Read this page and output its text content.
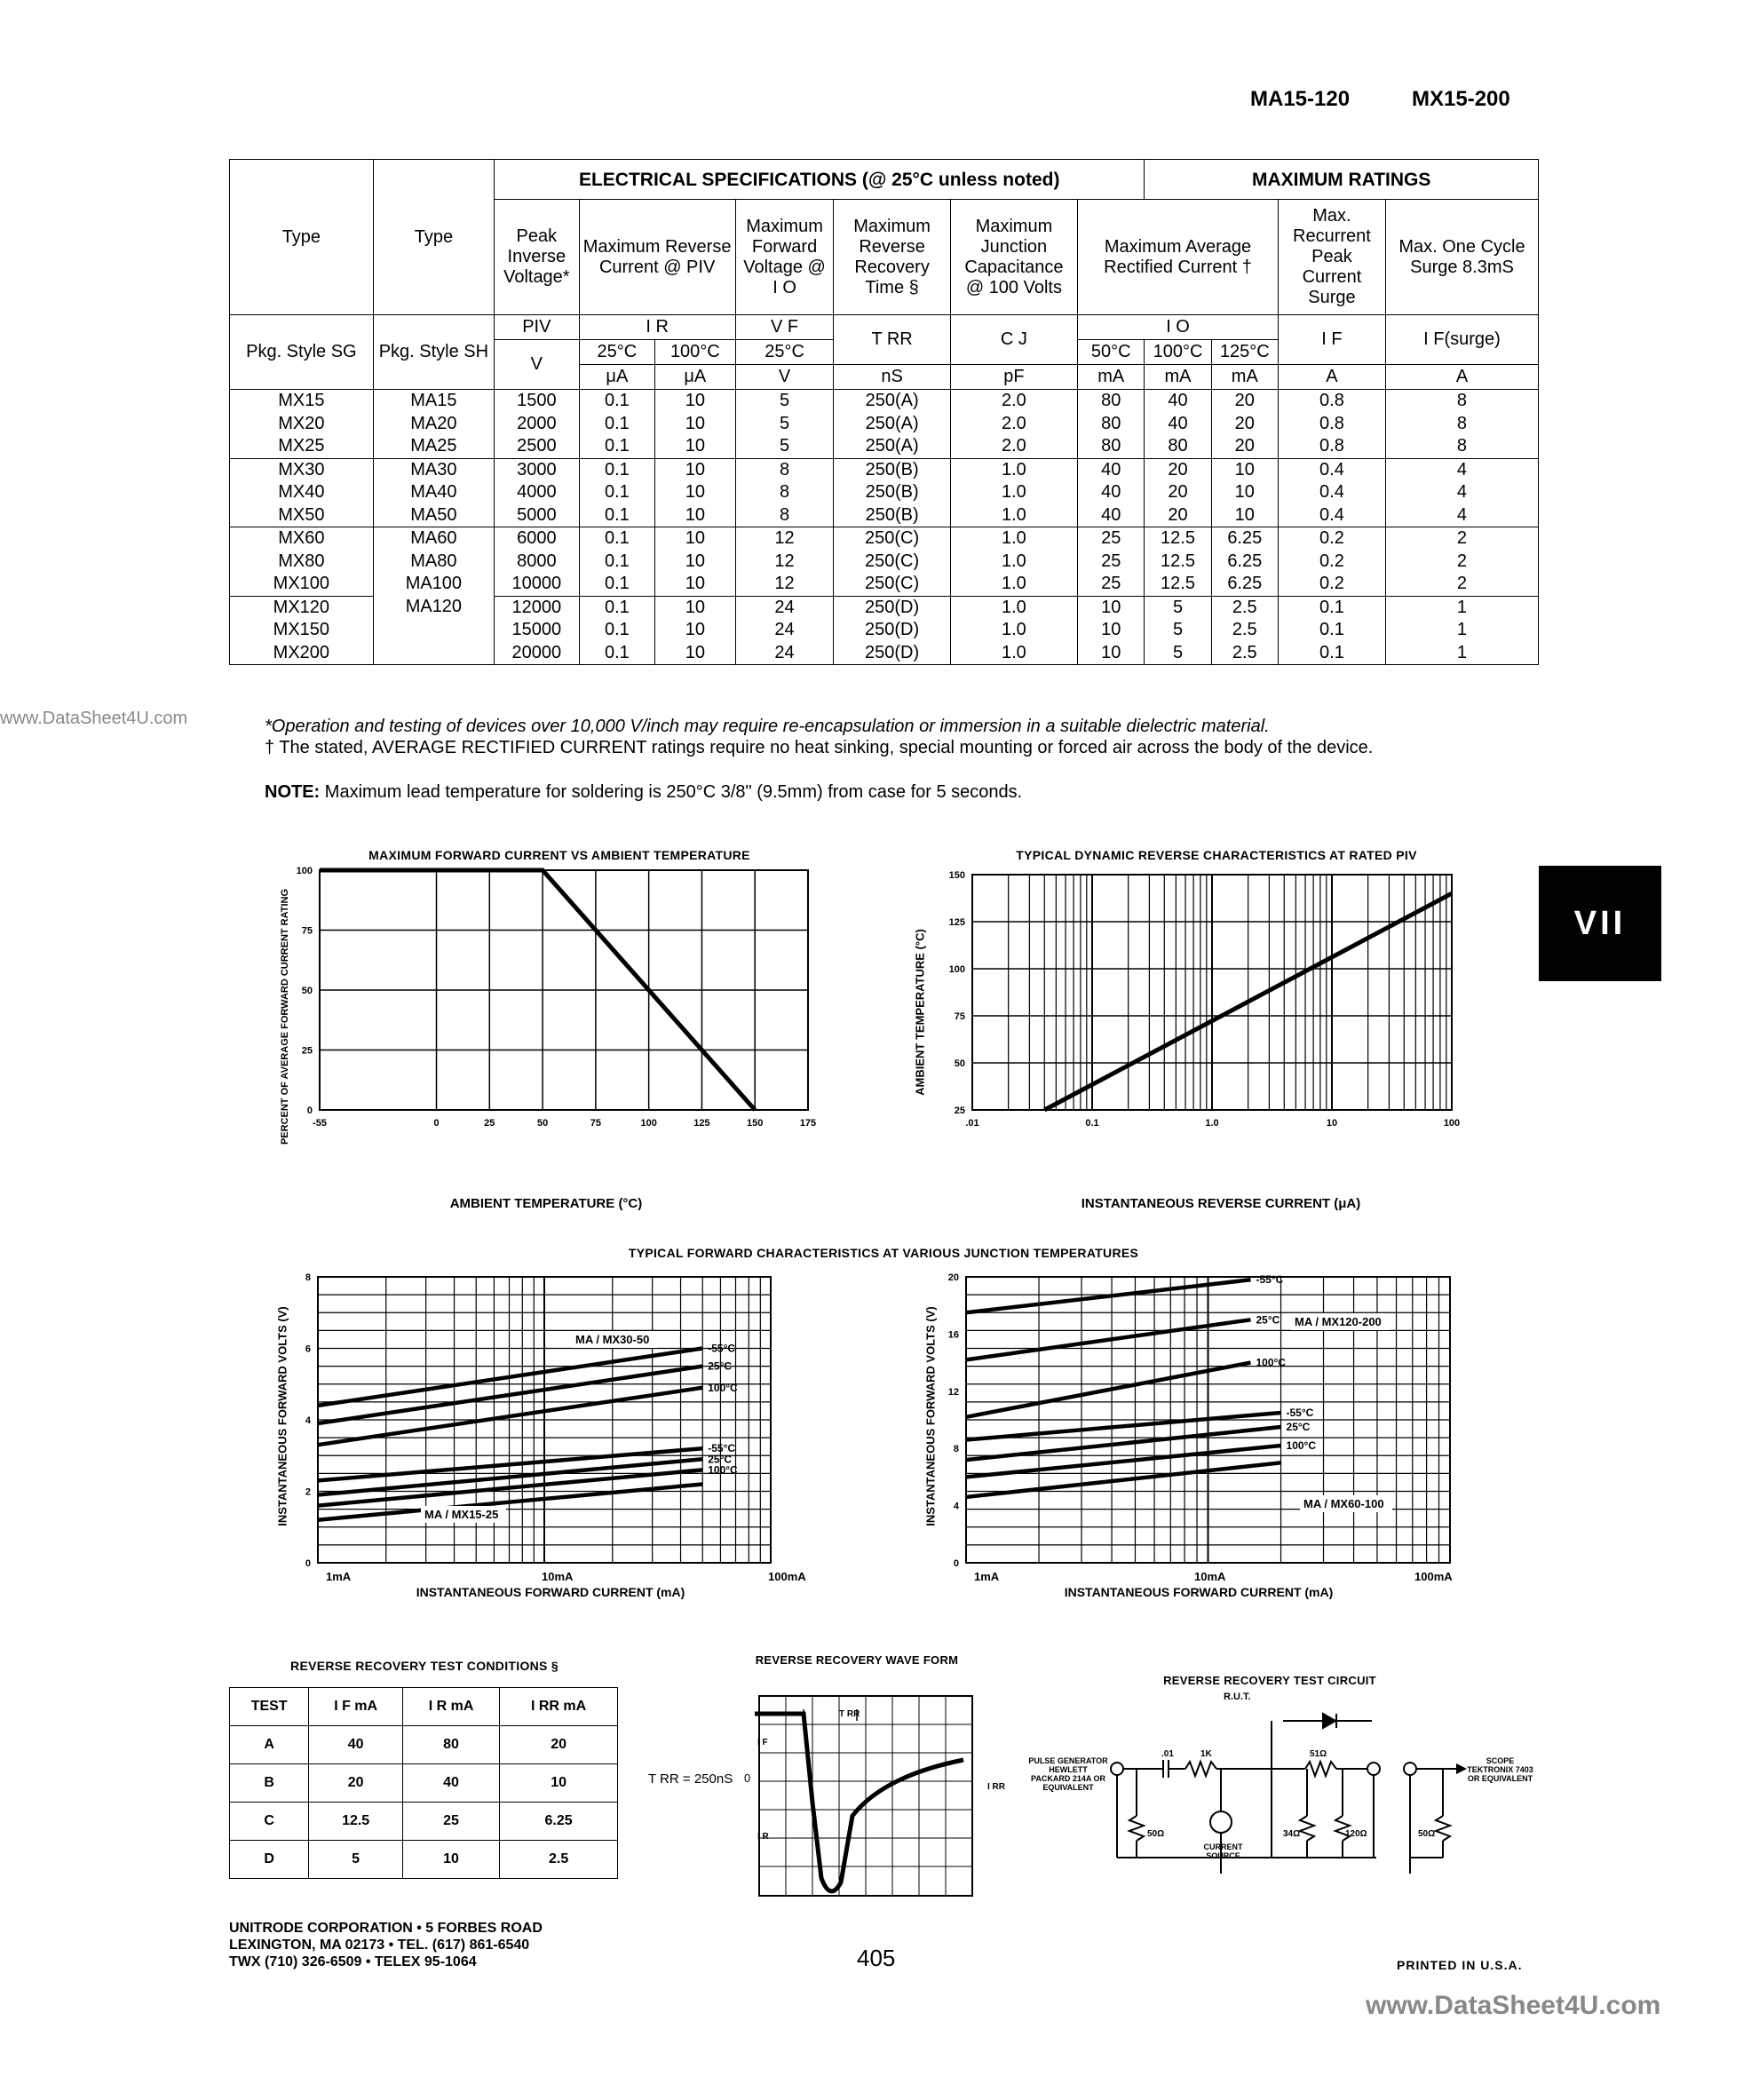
MA15-120	MX15-200
Type	Type	ELECTRICAL SPECIFICATIONS (@ 25°C unless noted)							MAXIMUM RATINGS			
		Peak Inverse Voltage*	Maximum Reverse Current @ PIV		Maximum Forward Voltage @ I O	Maximum Reverse Recovery Time §	Maximum Junction Capacitance @ 100 Volts	Maximum Average Rectified Current †			Max. Recurrent Peak Current Surge	Max. One Cycle Surge 8.3mS
Pkg. Style SG	Pkg. Style SH	PIV	I R		V F	T RR	C J	I O			I F	I F(surge)
		V	25°C	100°C	25°C			50°C	100°C	125°C		
			μA	μA	V	nS	pF	mA	mA	mA	A	A
MX15	MA15	1500	0.1	10	5	250(A)	2.0	80	40	20	0.8	8
MX20	MA20	2000	0.1	10	5	250(A)	2.0	80	40	20	0.8	8
MX25	MA25	2500	0.1	10	5	250(A)	2.0	80	80	20	0.8	8
MX30	MA30	3000	0.1	10	8	250(B)	1.0	40	20	10	0.4	4
MX40	MA40	4000	0.1	10	8	250(B)	1.0	40	20	10	0.4	4
MX50	MA50	5000	0.1	10	8	250(B)	1.0	40	20	10	0.4	4
MX60	MA60	6000	0.1	10	12	250(C)	1.0	25	12.5	6.25	0.2	2
MX80	MA80	8000	0.1	10	12	250(C)	1.0	25	12.5	6.25	0.2	2
MX100	MA100	10000	0.1	10	12	250(C)	1.0	25	12.5	6.25	0.2	2
MX120	MA120	12000	0.1	10	24	250(D)	1.0	10	5	2.5	0.1	1
MX150		15000	0.1	10	24	250(D)	1.0	10	5	2.5	0.1	1
MX200		20000	0.1	10	24	250(D)	1.0	10	5	2.5	0.1	1
www.DataSheet4U.com	*Operation and testing of devices over 10,000 V/inch may require re-encapsulation or immersion in a suitable dielectric material.
† The stated, AVERAGE RECTIFIED CURRENT ratings require no heat sinking, special mounting or forced air across the body of the device.
NOTE: Maximum lead temperature for soldering is 250°C 3/8" (9.5mm) from case for 5 seconds.
VII
-55	0	25	50	75	100	125	150	175
0
25
50
75
100
MAXIMUM FORWARD CURRENT VS AMBIENT TEMPERATURE
AMBIENT TEMPERATURE (°C)
PERCENT OF AVERAGE FORWARD CURRENT RATING	.01	0.1	1.0	10	100
25
50
75
100
125
150
TYPICAL DYNAMIC REVERSE CHARACTERISTICS AT RATED PIV
INSTANTANEOUS REVERSE CURRENT (μA)
AMBIENT TEMPERATURE (°C)
TYPICAL FORWARD CHARACTERISTICS AT VARIOUS JUNCTION TEMPERATURES
-55°C
25°C
100°C
-55°C
25°C
100°C
MA / MX30-50
MA / MX15-25
0
2
4
6
8
INSTANTANEOUS FORWARD VOLTS (V)
1mA	10mA	100mA
INSTANTANEOUS FORWARD CURRENT (mA)
-55°C
25°C
100°C
-55°C
25°C
100°C
MA / MX120-200
MA / MX60-100
0
4
8
12
16
20
INSTANTANEOUS FORWARD VOLTS (V)
1mA	10mA	100mA
INSTANTANEOUS FORWARD CURRENT (mA)
REVERSE RECOVERY TEST CONDITIONS §
TEST	I F mA	I R mA	I RR mA
A	40	80	20
B	20	40	10
C	12.5	25	6.25
D	5	10	2.5
REVERSE RECOVERY WAVE FORM
T RR
I F
I R
I RR
T RR = 250nS 0
REVERSE RECOVERY TEST CIRCUIT
R.U.T.
PULSE GENERATOR HEWLETT PACKARD 214A OR EQUIVALENT
.01	1K	51Ω
50Ω
CURRENT SOURCE
34Ω	120Ω	50Ω
SCOPE TEKTRONIX 7403 OR EQUIVALENT
UNITRODE CORPORATION • 5 FORBES ROAD
LEXINGTON, MA 02173 • TEL. (617) 861-6540
TWX (710) 326-6509 • TELEX 95-1064	405	PRINTED IN U.S.A.
www.DataSheet4U.com
